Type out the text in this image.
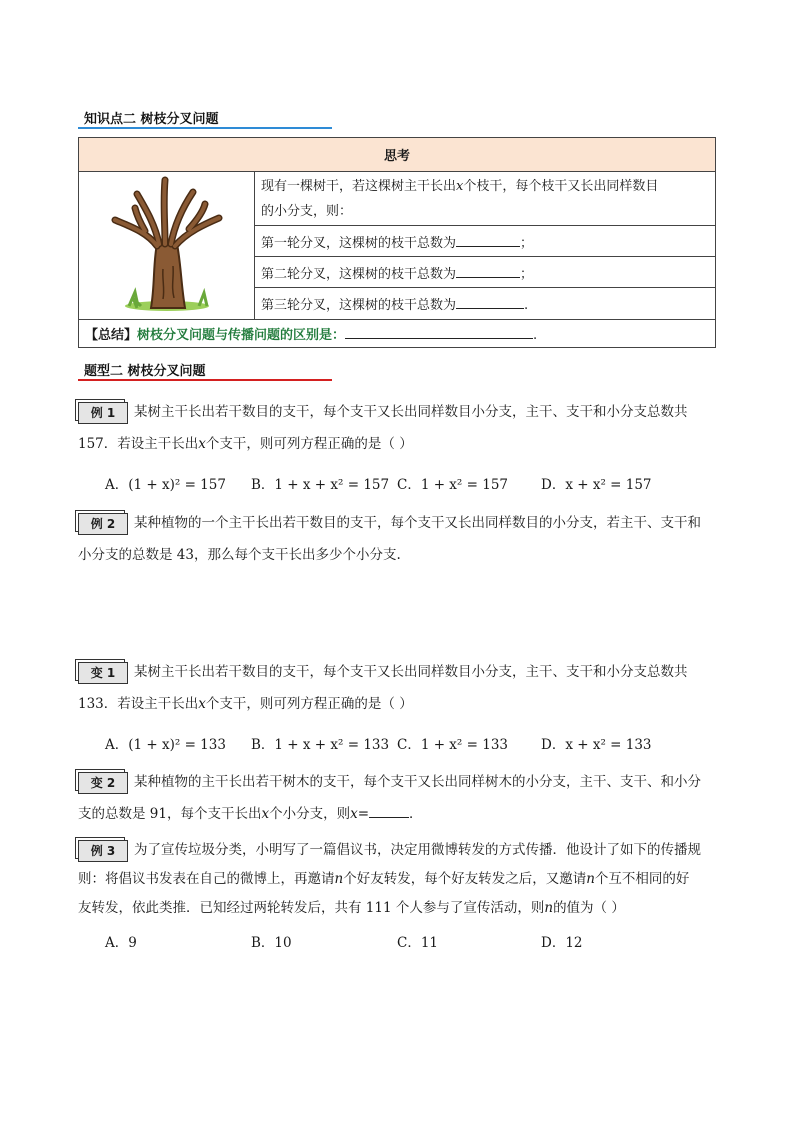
知识点二 树枝分叉问题
思考
	现有一棵树干，若这棵树主干长出x个枝干，每个枝干又长出同样数目
的小分支，则：
第一轮分叉，这棵树的枝干总数为	；
第二轮分叉，这棵树的枝干总数为	；
第三轮分叉，这棵树的枝干总数为	.
【总结】树枝分叉问题与传播问题的区别是：	.
题型二 树枝分叉问题
例 1 某树主干长出若干数目的支干，每个支干又长出同样数目小分支，主干、支干和小分支总数共
157．若设主干长出x个支干，则可列方程正确的是（ ）
A．(1 + x)² = 157 B．1 + x + x² = 157 C．1 + x² = 157 D．x + x² = 157
例 2 某种植物的一个主干长出若干数目的支干，每个支干又长出同样数目的小分支，若主干、支干和
小分支的总数是 43，那么每个支干长出多少个小分支.
变 1 某树主干长出若干数目的支干，每个支干又长出同样数目小分支，主干、支干和小分支总数共
133．若设主干长出x个支干，则可列方程正确的是（ ）
A．(1 + x)² = 133 B．1 + x + x² = 133 C．1 + x² = 133 D．x + x² = 133
变 2 某种植物的主干长出若干树木的支干，每个支干又长出同样树木的小分支，主干、支干、和小分
支的总数是 91，每个支干长出x个小分支，则x=	．
例 3 为了宣传垃圾分类，小明写了一篇倡议书，决定用微博转发的方式传播．他设计了如下的传播规
则：将倡议书发表在自己的微博上，再邀请n个好友转发，每个好友转发之后，又邀请n个互不相同的好
友转发，依此类推．已知经过两轮转发后，共有 111 个人参与了宣传活动，则n的值为（ ）
A．9	B．10	C．11	D．12
